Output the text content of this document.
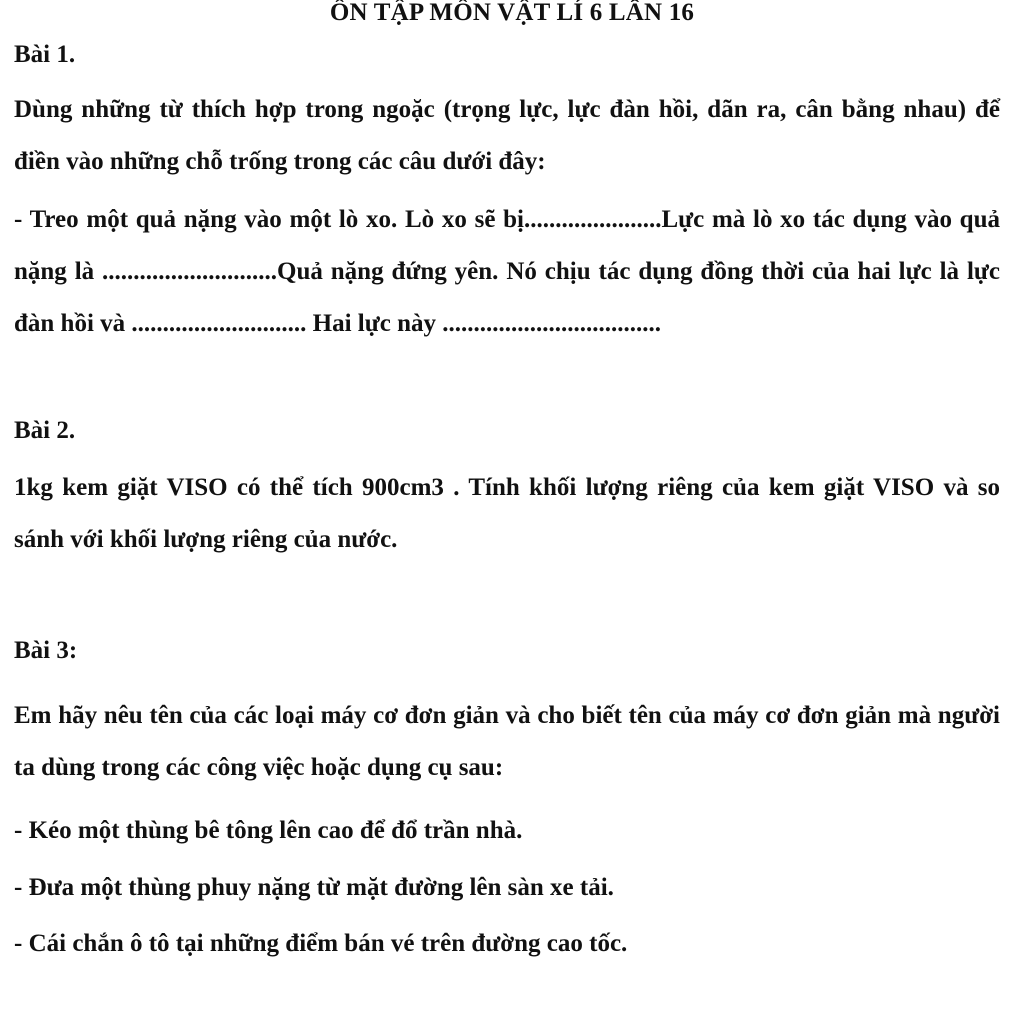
ÔN TẬP MÔN VẬT LÍ 6 LẦN 16
Bài 1.
Dùng những từ thích hợp trong ngoặc (trọng lực, lực đàn hồi, dãn ra, cân bằng nhau) để điền vào những chỗ trống trong các câu dưới đây:
- Treo một quả nặng vào một lò xo. Lò xo sẽ bị......................Lực mà lò xo tác dụng vào quả nặng là ............................Quả nặng đứng yên. Nó chịu tác dụng đồng thời của hai lực là lực đàn hồi và ............................ Hai lực này ...................................
Bài 2.
1kg kem giặt VISO có thể tích 900cm3 . Tính khối lượng riêng của kem giặt VISO và so sánh với khối lượng riêng của nước.
Bài 3:
Em hãy nêu tên của các loại máy cơ đơn giản và cho biết tên của máy cơ đơn giản mà người ta dùng trong các công việc hoặc dụng cụ sau:
- Kéo một thùng bê tông lên cao để đổ trần nhà.
- Đưa một thùng phuy nặng từ mặt đường lên sàn xe tải.
- Cái chắn ô tô tại những điểm bán vé trên đường cao tốc.
